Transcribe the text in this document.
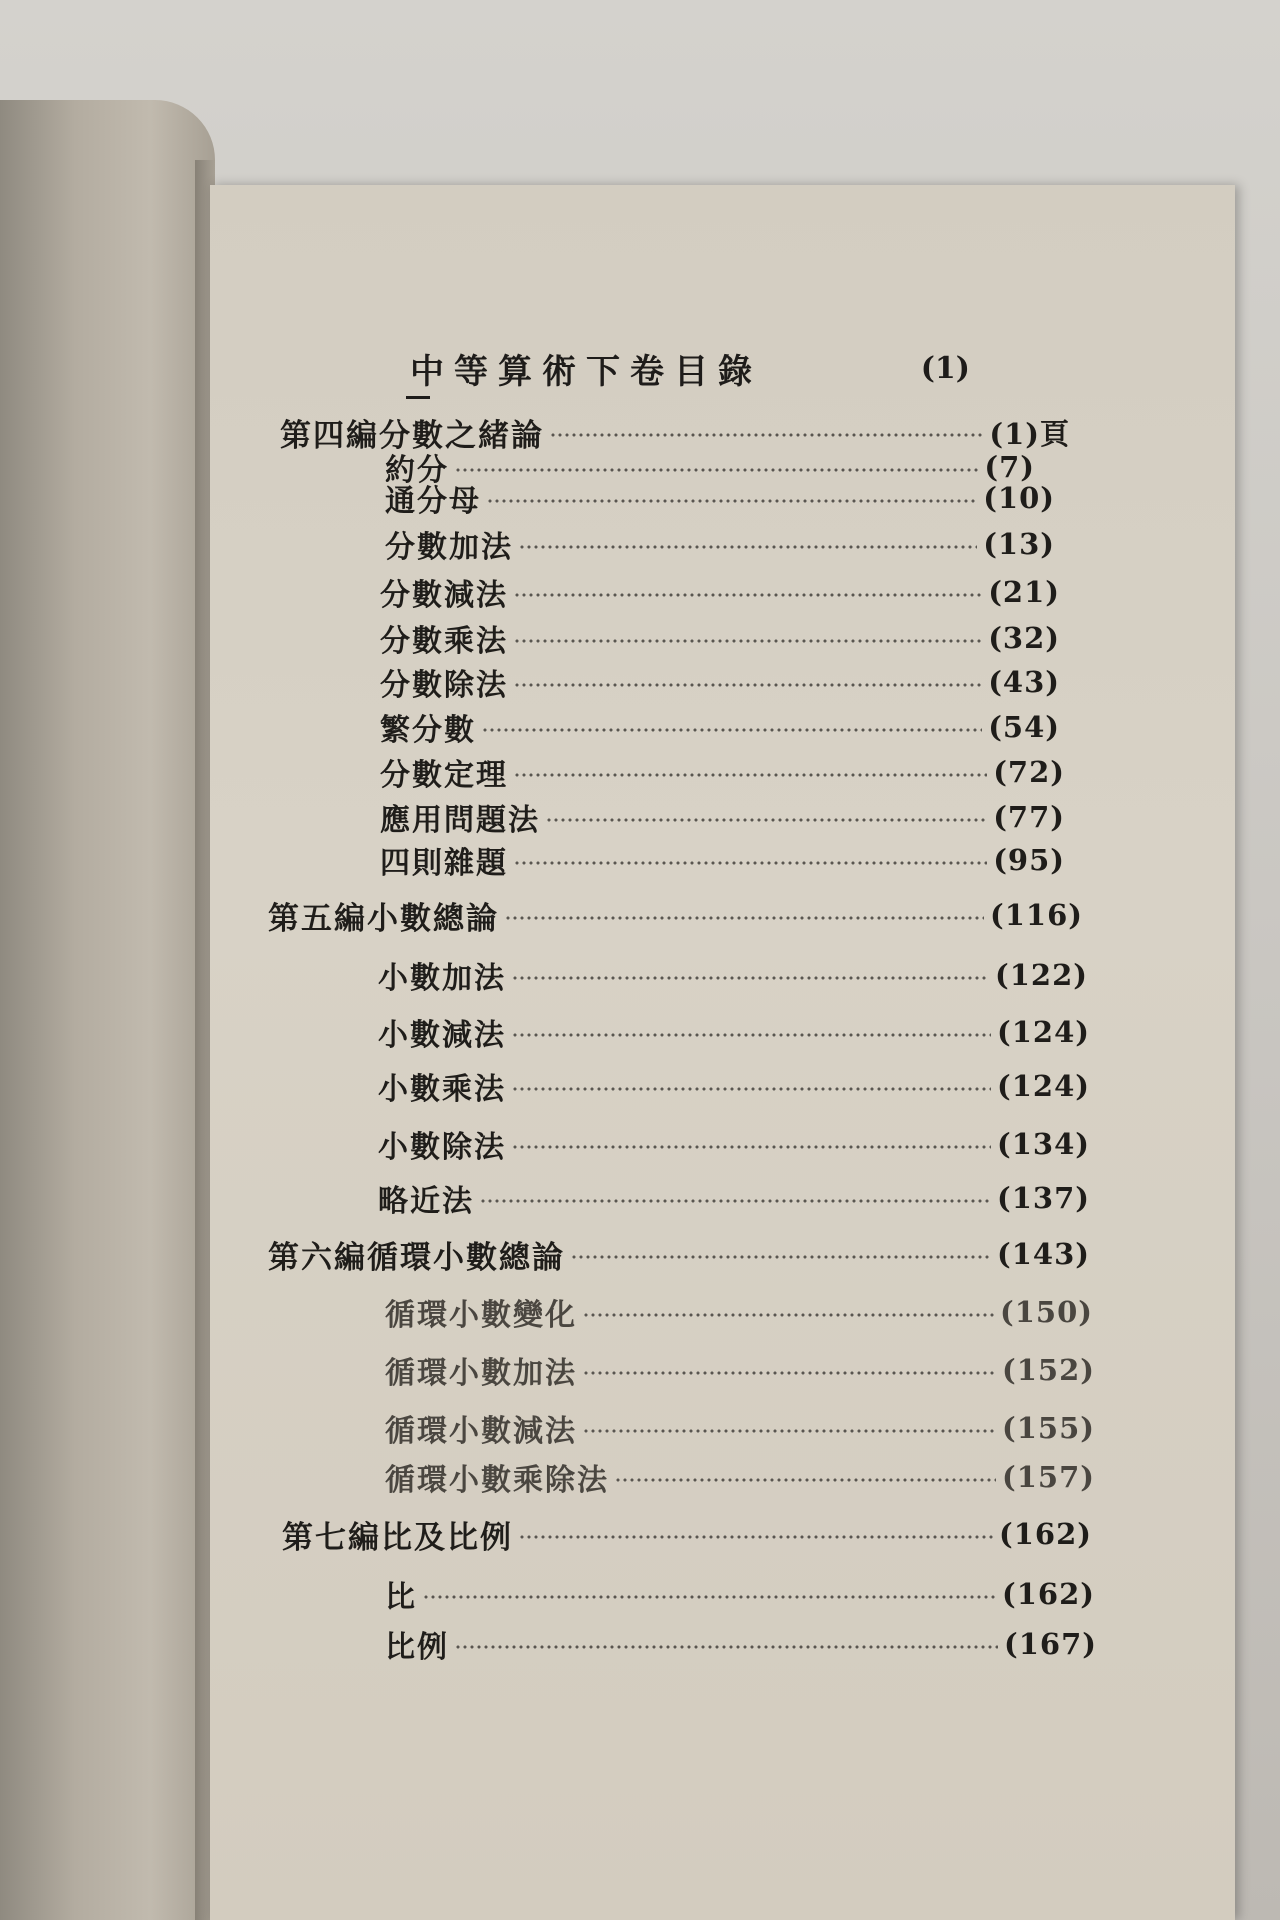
中等算術下卷目錄	(1)
第四編分數之緒論	(1)頁
約分	(7)
通分母	(10)
分數加法	(13)
分數減法	(21)
分數乘法	(32)
分數除法	(43)
繁分數	(54)
分數定理	(72)
應用問題法	(77)
四則雜題	(95)
第五編小數總論	(116)
小數加法	(122)
小數減法	(124)
小數乘法	(124)
小數除法	(134)
略近法	(137)
第六編循環小數總論	(143)
循環小數變化	(150)
循環小數加法	(152)
循環小數減法	(155)
循環小數乘除法	(157)
第七編比及比例	(162)
比	(162)
比例	(167)
